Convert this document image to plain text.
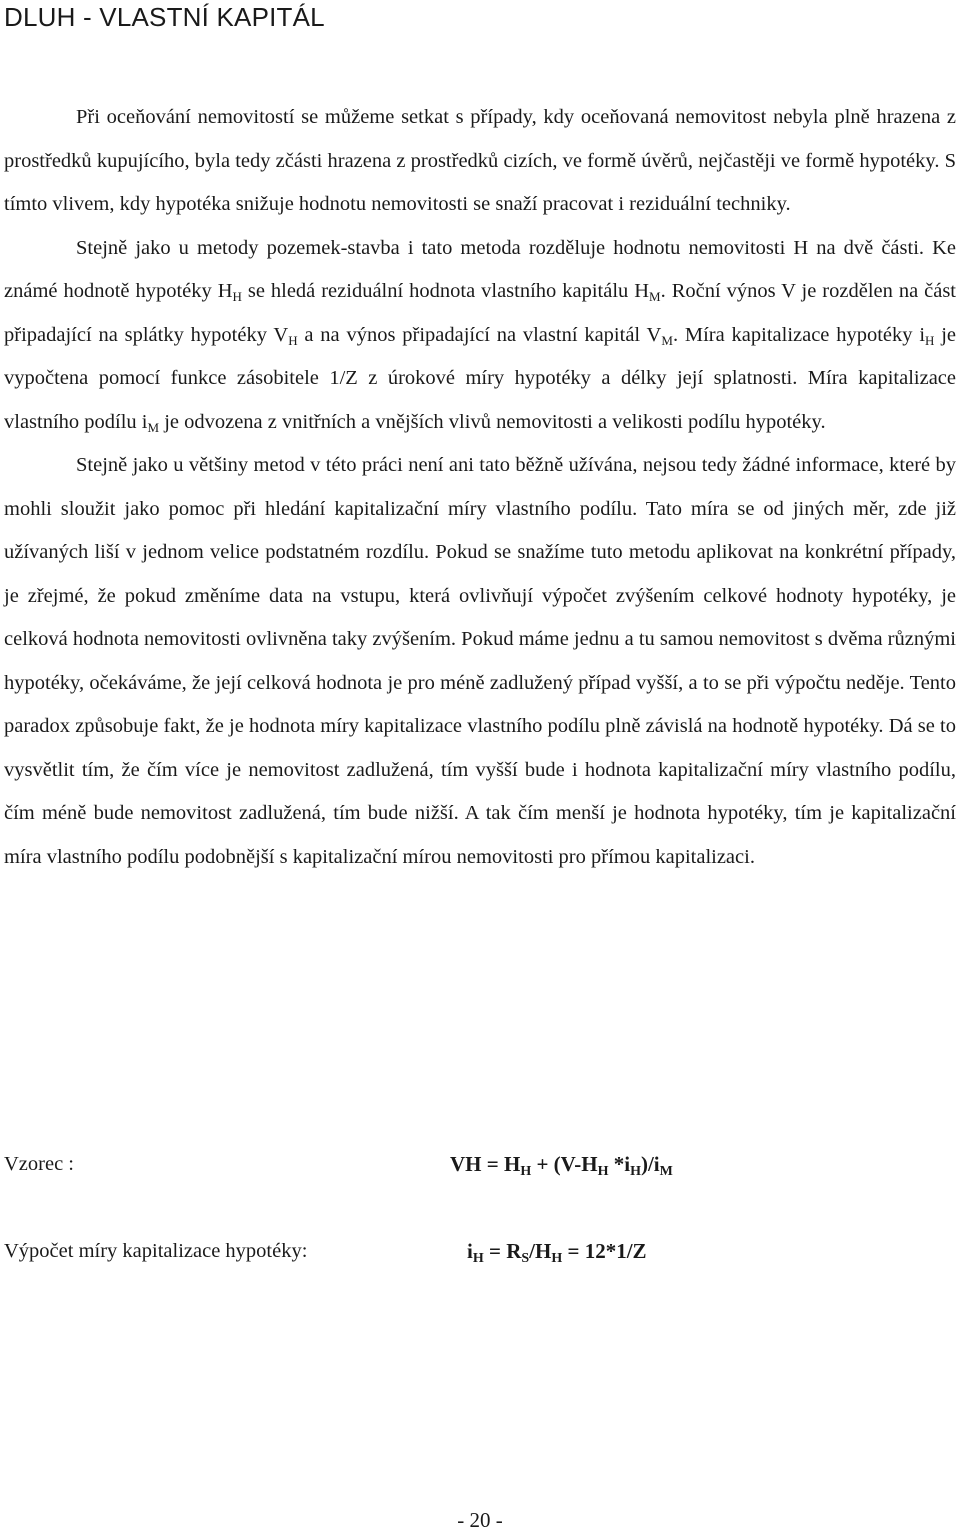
DLUH - VLASTNÍ KAPITÁL

Při oceňování nemovitostí se můžeme setkat s případy, kdy oceňovaná nemovitost nebyla plně hrazena z prostředků kupujícího, byla tedy zčásti hrazena z prostředků cizích, ve formě úvěrů, nejčastěji ve formě hypotéky. S tímto vlivem, kdy hypotéka snižuje hodnotu nemovitosti se snaží pracovat i reziduální techniky.

Stejně jako u metody pozemek-stavba i tato metoda rozděluje hodnotu nemovitosti H na dvě části. Ke známé hodnotě hypotéky $H_H$ se hledá reziduální hodnota vlastního kapitálu $H_M$. Roční výnos V je rozdělen na část připadající na splátky hypotéky $V_H$ a na výnos připadající na vlastní kapitál $V_M$. Míra kapitalizace hypotéky $i_H$ je vypočtena pomocí funkce zásobitele 1/Z z úrokové míry hypotéky a délky její splatnosti. Míra kapitalizace vlastního podílu $i_M$ je odvozena z vnitřních a vnějších vlivů nemovitosti a velikosti podílu hypotéky.

Stejně jako u většiny metod v této práci není ani tato běžně užívána, nejsou tedy žádné informace, které by mohli sloužit jako pomoc při hledání kapitalizační míry vlastního podílu. Tato míra se od jiných měr, zde již užívaných liší v jednom velice podstatném rozdílu. Pokud se snažíme tuto metodu aplikovat na konkrétní případy, je zřejmé, že pokud změníme data na vstupu, která ovlivňují výpočet zvýšením celkové hodnoty hypotéky, je celková hodnota nemovitosti ovlivněna taky zvýšením. Pokud máme jednu a tu samou nemovitost s dvěma různými hypotéky, očekáváme, že její celková hodnota je pro méně zadlužený případ vyšší, a to se při výpočtu neděje. Tento paradox způsobuje fakt, že je hodnota míry kapitalizace vlastního podílu plně závislá na hodnotě hypotéky. Dá se to vysvětlit tím, že čím více je nemovitost zadlužená, tím vyšší bude i hodnota kapitalizační míry vlastního podílu, čím méně bude nemovitost zadlužená, tím bude nižší. A tak čím menší je hodnota hypotéky, tím je kapitalizační míra vlastního podílu podobnější s kapitalizační mírou nemovitosti pro přímou kapitalizaci.

Vzorec :	VH = $H_H + (V-H_H$ $*i_H)/i_M$
Výpočet míry kapitalizace hypotéky:	$i_H = R_S/H_H = 12*1/Z$
- 20 -
